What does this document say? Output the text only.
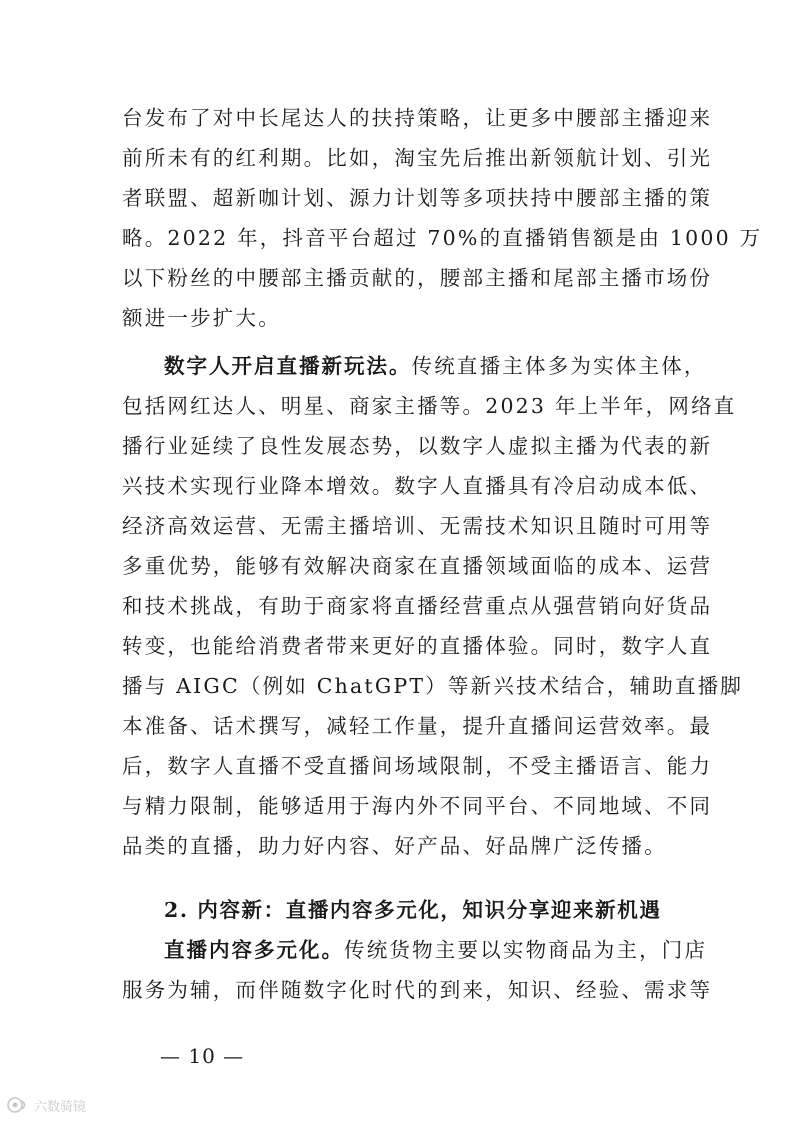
台发布了对中长尾达人的扶持策略，让更多中腰部主播迎来
前所未有的红利期。比如，淘宝先后推出新领航计划、引光
者联盟、超新咖计划、源力计划等多项扶持中腰部主播的策
略。2022 年，抖音平台超过 70%的直播销售额是由 1000 万
以下粉丝的中腰部主播贡献的，腰部主播和尾部主播市场份
额进一步扩大。
数字人开启直播新玩法。传统直播主体多为实体主体，
包括网红达人、明星、商家主播等。2023 年上半年，网络直
播行业延续了良性发展态势，以数字人虚拟主播为代表的新
兴技术实现行业降本增效。数字人直播具有冷启动成本低、
经济高效运营、无需主播培训、无需技术知识且随时可用等
多重优势，能够有效解决商家在直播领域面临的成本、运营
和技术挑战，有助于商家将直播经营重点从强营销向好货品
转变，也能给消费者带来更好的直播体验。同时，数字人直
播与 AIGC（例如 ChatGPT）等新兴技术结合，辅助直播脚
本准备、话术撰写，减轻工作量，提升直播间运营效率。最
后，数字人直播不受直播间场域限制，不受主播语言、能力
与精力限制，能够适用于海内外不同平台、不同地域、不同
品类的直播，助力好内容、好产品、好品牌广泛传播。
2. 内容新：直播内容多元化，知识分享迎来新机遇
直播内容多元化。传统货物主要以实物商品为主，门店
服务为辅，而伴随数字化时代的到来，知识、经验、需求等
— 10 —
六数骑镜
